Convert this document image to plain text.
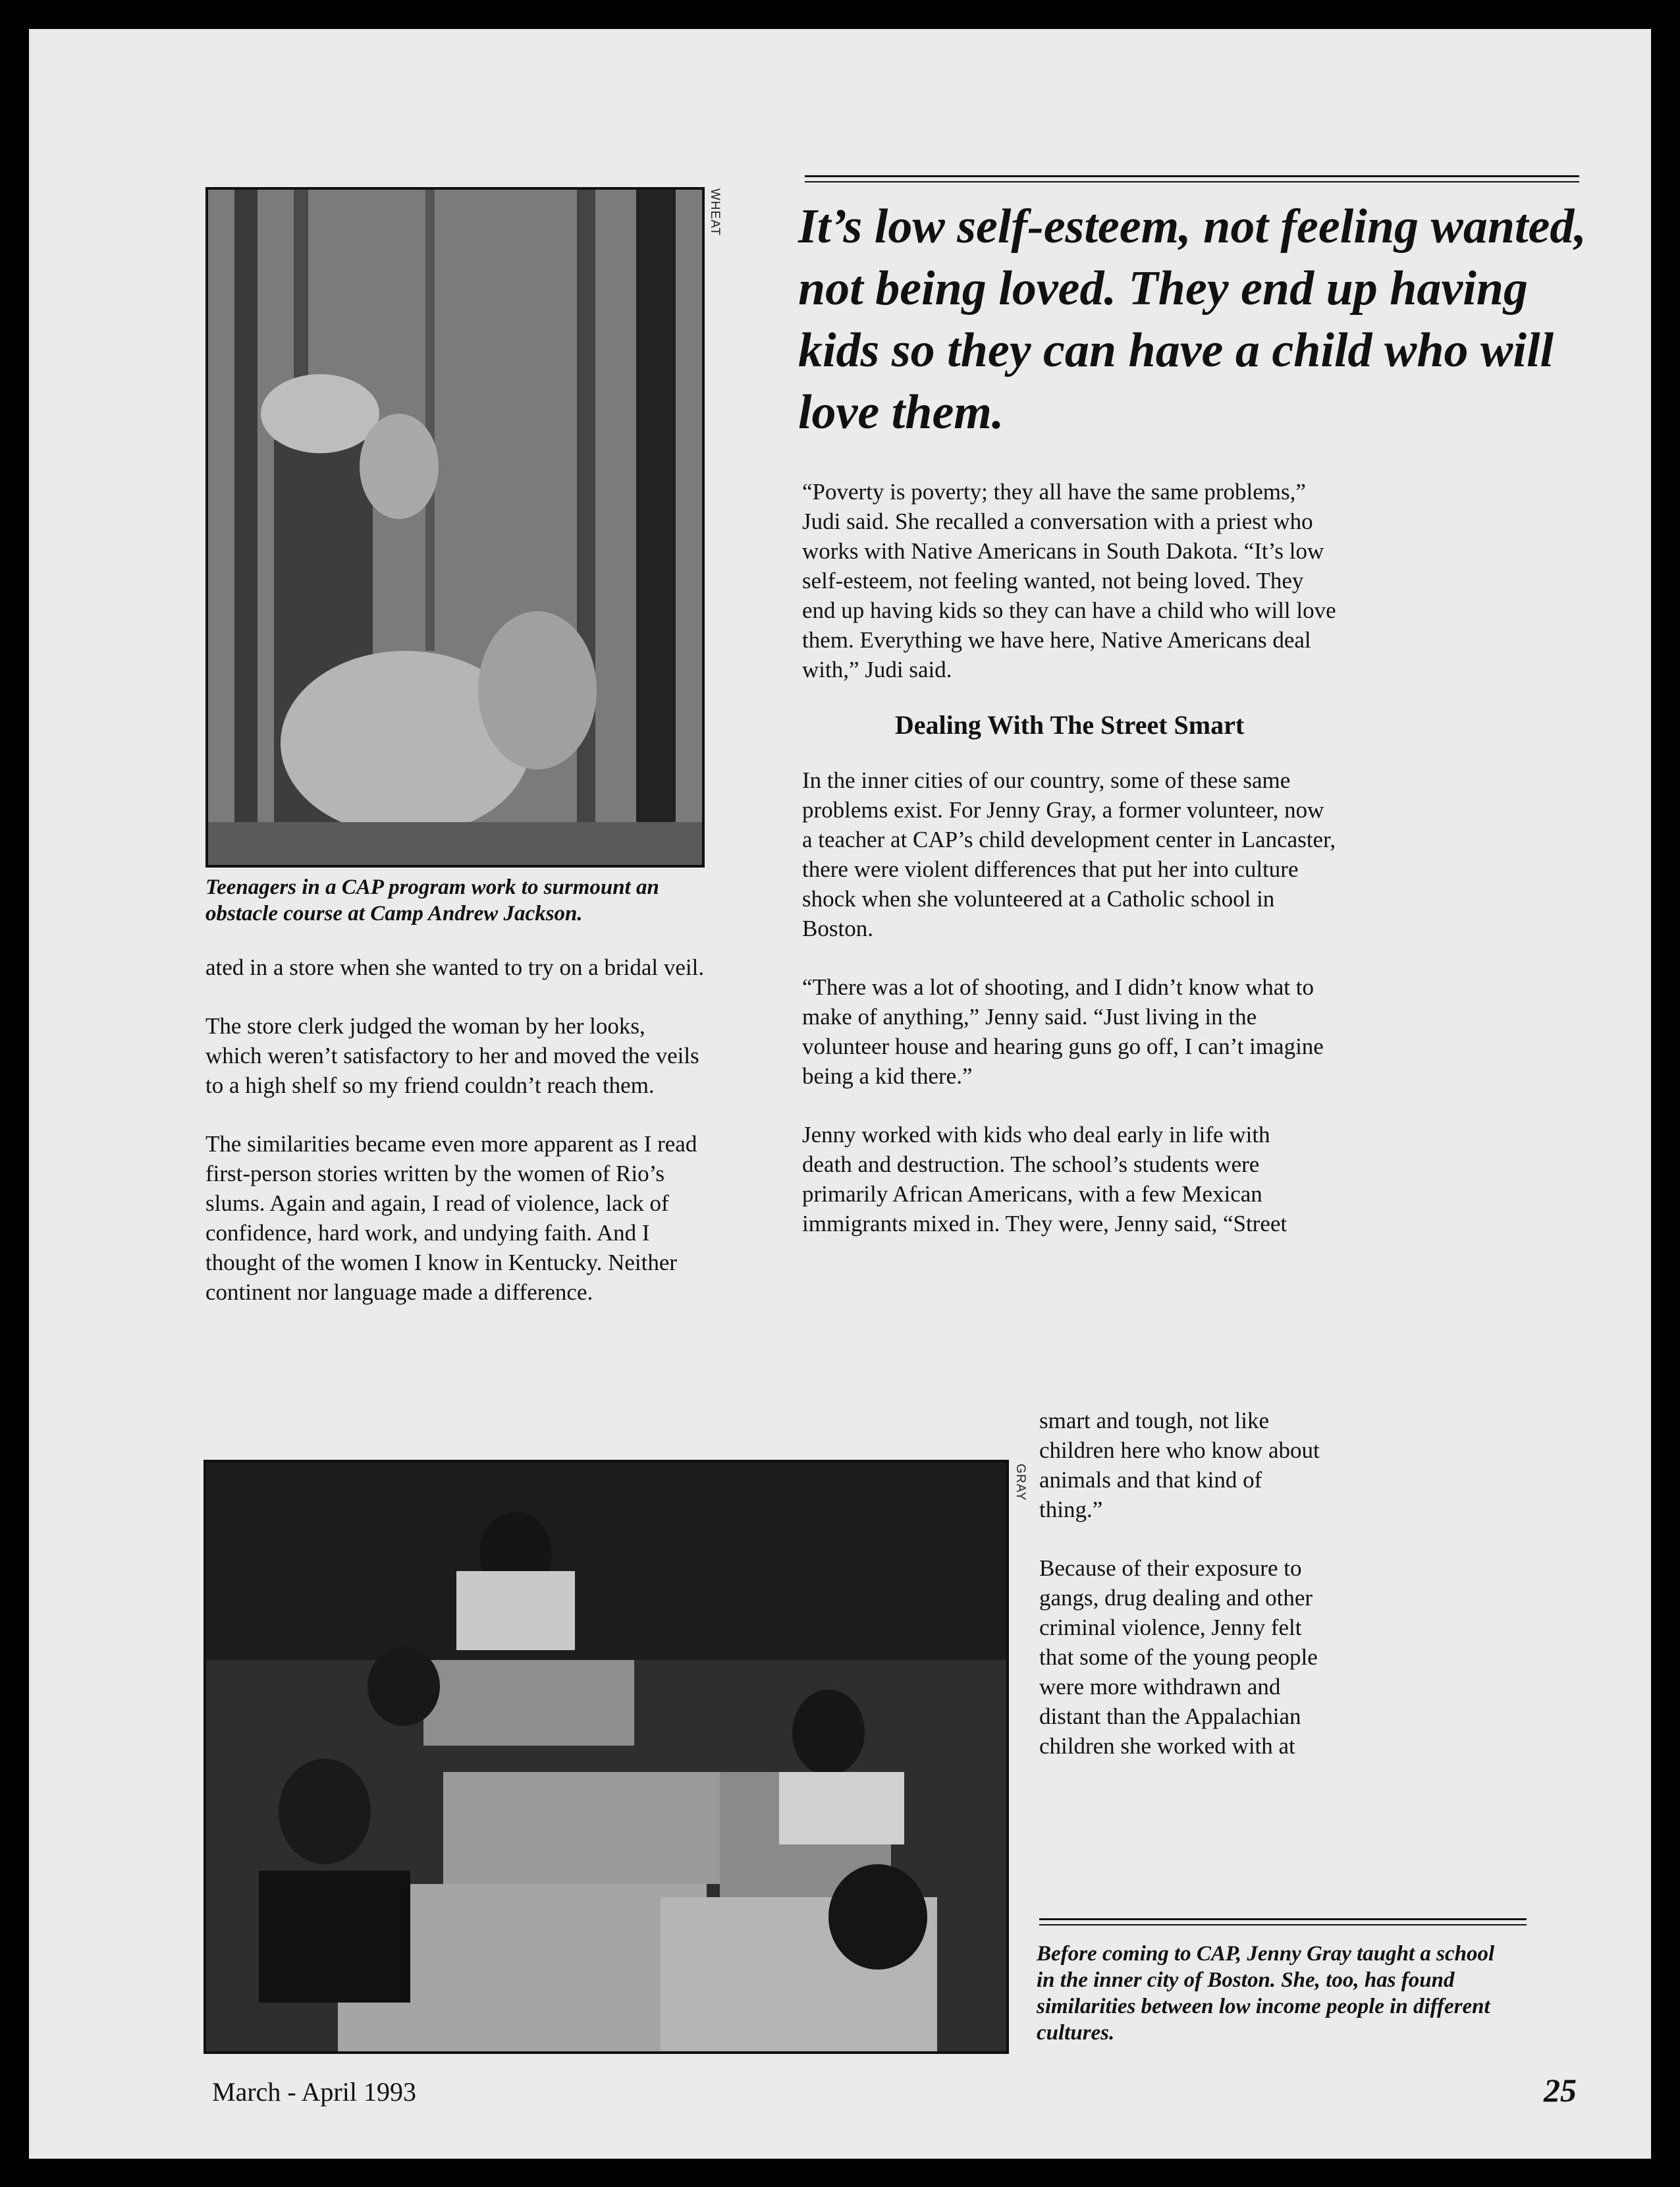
WHEAT

Teenagers in a CAP program work to surmount an obstacle course at Camp Andrew Jackson.

ated in a store when she wanted to try on a bridal veil.

The store clerk judged the woman by her looks, which weren’t satisfactory to her and moved the veils to a high shelf so my friend couldn’t reach them.

The similarities became even more apparent as I read first-person stories written by the women of Rio’s slums. Again and again, I read of violence, lack of confidence, hard work, and undying faith. And I thought of the women I know in Kentucky. Neither continent nor language made a difference.

It’s low self-esteem, not feeling wanted, not being loved. They end up having kids so they can have a child who will love them.

“Poverty is poverty; they all have the same problems,” Judi said. She recalled a conversation with a priest who works with Native Americans in South Dakota. “It’s low self-esteem, not feeling wanted, not being loved. They end up having kids so they can have a child who will love them. Everything we have here, Native Americans deal with,” Judi said.

Dealing With The Street Smart

In the inner cities of our country, some of these same problems exist. For Jenny Gray, a former volunteer, now a teacher at CAP’s child development center in Lancaster, there were violent differences that put her into culture shock when she volunteered at a Catholic school in Boston.

“There was a lot of shooting, and I didn’t know what to make of anything,” Jenny said. “Just living in the volunteer house and hearing guns go off, I can’t imagine being a kid there.”

Jenny worked with kids who deal early in life with death and destruction. The school’s students were primarily African Americans, with a few Mexican immigrants mixed in. They were, Jenny said, “Street

smart and tough, not like children here who know about animals and that kind of thing.”

Because of their exposure to gangs, drug dealing and other criminal violence, Jenny felt that some of the young people were more withdrawn and distant than the Appalachian children she worked with at

GRAY

Before coming to CAP, Jenny Gray taught a school in the inner city of Boston. She, too, has found similarities between low income people in different cultures.

March - April 1993	25
